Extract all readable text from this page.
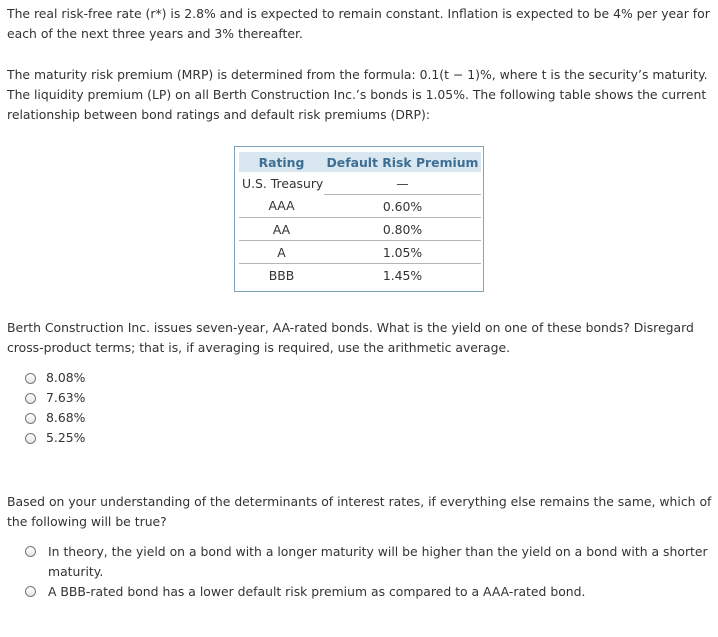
The real risk-free rate (r*) is 2.8% and is expected to remain constant. Inflation is expected to be 4% per year for each of the next three years and 3% thereafter.

The maturity risk premium (MRP) is determined from the formula: 0.1(t − 1)%, where t is the security’s maturity. The liquidity premium (LP) on all Berth Construction Inc.’s bonds is 1.05%. The following table shows the current relationship between bond ratings and default risk premiums (DRP):

Rating	Default Risk Premium
U.S. Treasury	—
AAA	0.60%
AA	0.80%
A	1.05%
BBB	1.45%

Berth Construction Inc. issues seven-year, AA-rated bonds. What is the yield on one of these bonds? Disregard cross-product terms; that is, if averaging is required, use the arithmetic average.

8.08%
7.63%
8.68%
5.25%

Based on your understanding of the determinants of interest rates, if everything else remains the same, which of the following will be true?

In theory, the yield on a bond with a longer maturity will be higher than the yield on a bond with a shorter maturity.
A BBB-rated bond has a lower default risk premium as compared to a AAA-rated bond.
